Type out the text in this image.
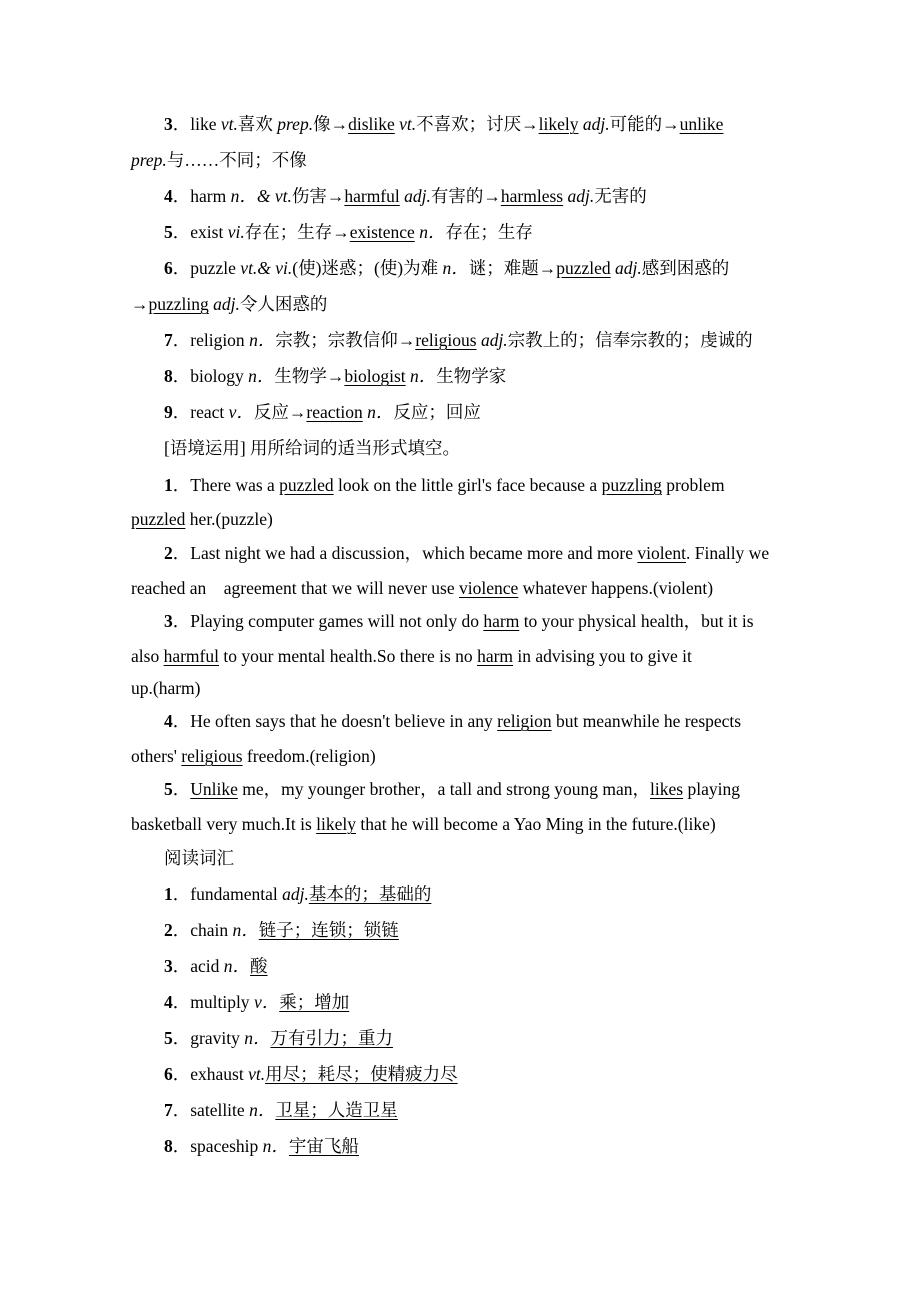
3．like vt.喜欢 prep.像→dislike vt.不喜欢；讨厌→likely adj.可能的→unlike
prep.与……不同；不像
4．harm n．& vt.伤害→harmful adj.有害的→harmless adj.无害的
5．exist vi.存在；生存→existence n．存在；生存
6．puzzle vt.& vi.(使)迷惑；(使)为难 n．谜；难题→puzzled adj.感到困惑的
→puzzling adj.令人困惑的
7．religion n．宗教；宗教信仰→religious adj.宗教上的；信奉宗教的；虔诚的
8．biology n．生物学→biologist n．生物学家
9．react v．反应→reaction n．反应；回应
[语境运用] 用所给词的适当形式填空。
1．There was a puzzled look on the little girl's face because a puzzling problem
puzzled her.(puzzle)
2．Last night we had a discussion，which became more and more violent. Finally we
reached an    agreement that we will never use violence whatever happens.(violent)
3．Playing computer games will not only do harm to your physical health，but it is
also harmful to your mental health.So there is no harm in advising you to give it
up.(harm)
4．He often says that he doesn't believe in any religion but meanwhile he respects
others' religious freedom.(religion)
5．Unlike me，my younger brother，a tall and strong young man，likes playing
basketball very much.It is likely that he will become a Yao Ming in the future.(like)
阅读词汇
1．fundamental adj.基本的；基础的
2．chain n．链子；连锁；锁链
3．acid n．酸
4．multiply v．乘；增加
5．gravity n．万有引力；重力
6．exhaust vt.用尽；耗尽；使精疲力尽
7．satellite n．卫星；人造卫星
8．spaceship n．宇宙飞船
